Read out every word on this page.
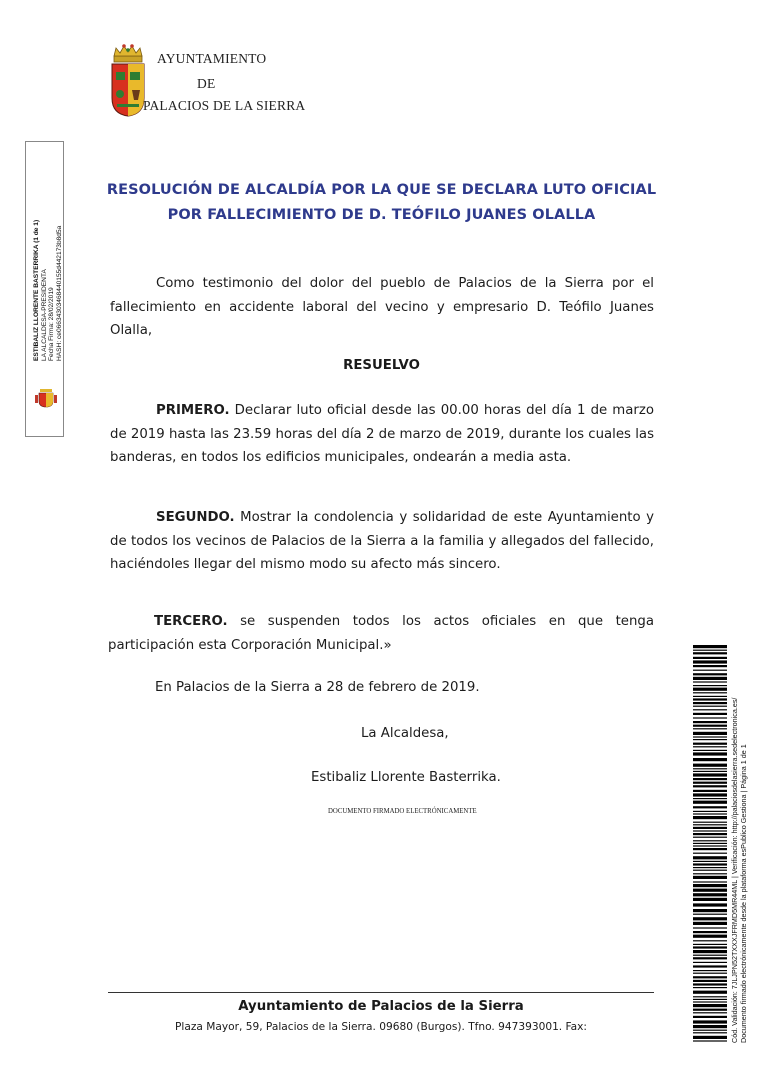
AYUNTAMIENTO
DE
PALACIOS DE LA SIERRA
ESTIBALIZ LLORENTE BASTERRIKA (1 de 1) LA ALCALDESA-PRESIDENTA Fecha Firma: 28/02/2019 HASH: ce06634303468440155d442173b8d5a
RESOLUCIÓN DE ALCALDÍA POR LA QUE SE DECLARA LUTO OFICIAL
POR FALLECIMIENTO DE D. TEÓFILO JUANES OLALLA
Como testimonio del dolor del pueblo de Palacios de la Sierra por el fallecimiento en accidente laboral del vecino y empresario D. Teófilo Juanes Olalla,
RESUELVO
PRIMERO. Declarar luto oficial desde las 00.00 horas del día 1 de marzo de 2019 hasta las 23.59 horas del día 2 de marzo de 2019, durante los cuales las banderas, en todos los edificios municipales, ondearán a media asta.
SEGUNDO. Mostrar la condolencia y solidaridad de este Ayuntamiento y de todos los vecinos de Palacios de la Sierra a la familia y allegados del fallecido, haciéndoles llegar del mismo modo su afecto más sincero.
TERCERO. se suspenden todos los actos oficiales en que tenga participación esta Corporación Municipal.»
En Palacios de la Sierra a 28 de febrero de 2019.
La Alcaldesa,
Estibaliz Llorente Basterrika.
DOCUMENTO FIRMADO ELECTRÓNICAMENTE
Ayuntamiento de Palacios de la Sierra
Plaza Mayor, 59, Palacios de la Sierra. 09680 (Burgos). Tfno. 947393001. Fax:	Cód. Validación: 7JLJPN52TXXXJFRMD5MR44ML | Verificación: http://palaciosdelasierra.sedelectronica.es/ Documento firmado electrónicamente desde la plataforma esPublico Gestiona | Página 1 de 1
